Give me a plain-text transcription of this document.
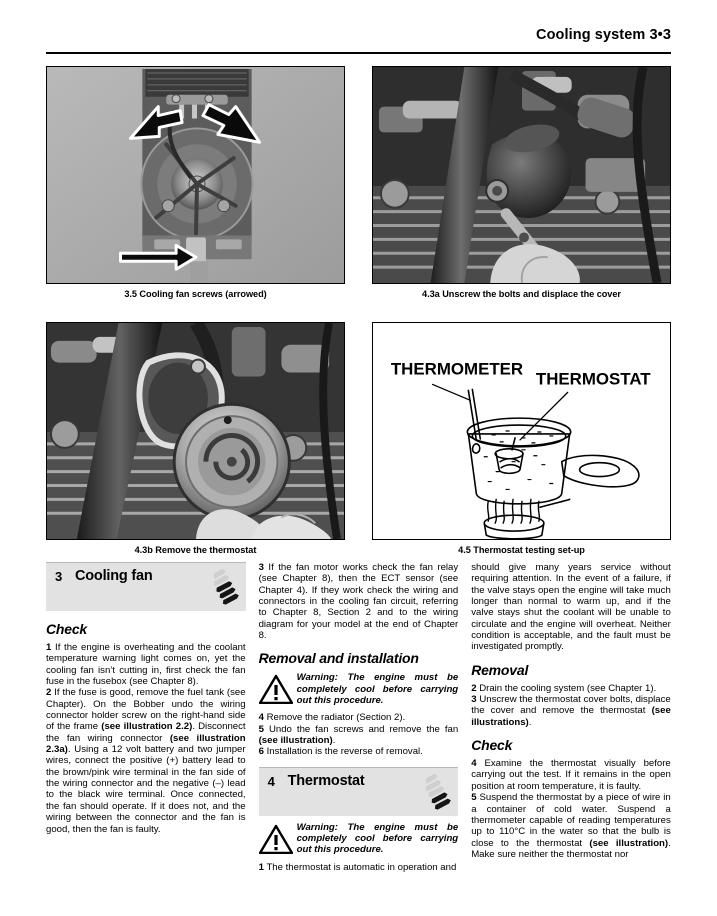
Cooling system 3•3
3.5 Cooling fan screws (arrowed)	4.3a Unscrew the bolts and displace the cover
4.3b Remove the thermostat
THERMOMETER
THERMOSTAT
4.5 Thermostat testing set-up
3 Cooling fan
Check

1 If the engine is overheating and the coolant temperature warning light comes on, yet the cooling fan isn’t cutting in, first check the fan fuse in the fusebox (see Chapter 8).

2 If the fuse is good, remove the fuel tank (see Chapter). On the Bobber undo the wiring connector holder screw on the right-hand side of the frame (see illustration 2.2). Disconnect the fan wiring connector (see illustration 2.3a). Using a 12 volt battery and two jumper wires, connect the positive (+) battery lead to the brown/pink wire terminal in the fan side of the wiring connector and the negative (–) lead to the black wire terminal. Once connected, the fan should operate. If it does not, and the wiring between the connector and the fan is good, then the fan is faulty.

3 If the fan motor works check the fan relay (see Chapter 8), then the ECT sensor (see Chapter 4). If they work check the wiring and connectors in the cooling fan circuit, referring to Chapter 8, Section 2 and to the wiring diagram for your model at the end of Chapter 8.

Removal and installation
Warning: The engine must be completely cool before carrying out this procedure.

4 Remove the radiator (Section 2).

5 Undo the fan screws and remove the fan (see illustration).

6 Installation is the reverse of removal.

4 Thermostat
Warning: The engine must be completely cool before carrying out this procedure.

1 The thermostat is automatic in operation and

should give many years service without requiring attention. In the event of a failure, if the valve stays open the engine will take much longer than normal to warm up, and if the valve stays shut the coolant will be unable to circulate and the engine will overheat. Neither condition is acceptable, and the fault must be investigated promptly.

Removal

2 Drain the cooling system (see Chapter 1).

3 Unscrew the thermostat cover bolts, displace the cover and remove the thermostat (see illustrations).

Check

4 Examine the thermostat visually before carrying out the test. If it remains in the open position at room temperature, it is faulty.

5 Suspend the thermostat by a piece of wire in a container of cold water. Suspend a thermometer capable of reading temperatures up to 110°C in the water so that the bulb is close to the thermostat (see illustration). Make sure neither the thermostat nor
